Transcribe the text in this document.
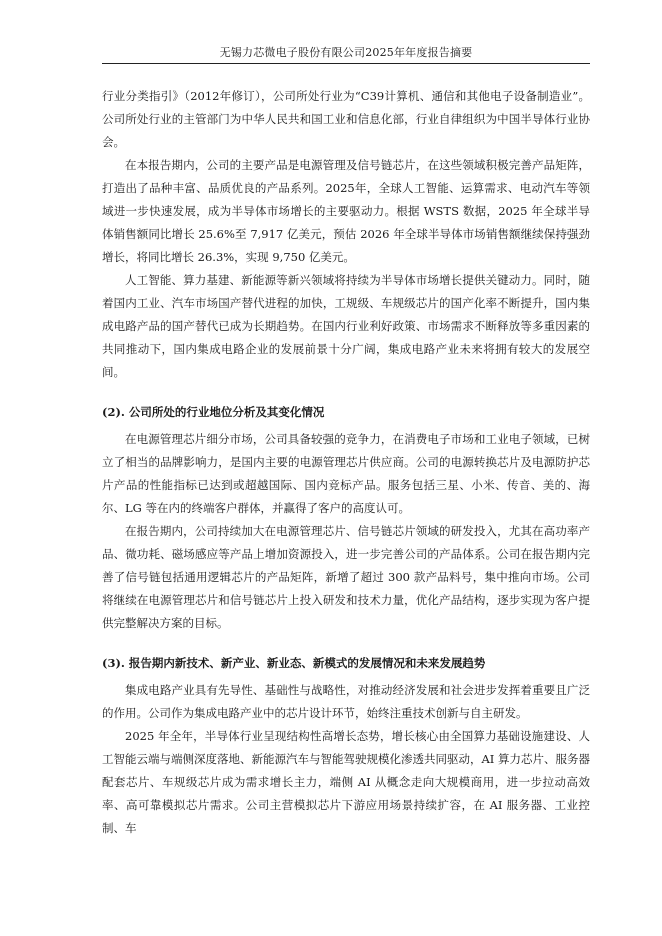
无锡力芯微电子股份有限公司2025年年度报告摘要

行业分类指引》（2012年修订），公司所处行业为“C39计算机、通信和其他电子设备制造业”。公司所处行业的主管部门为中华人民共和国工业和信息化部，行业自律组织为中国半导体行业协会。

在本报告期内，公司的主要产品是电源管理及信号链芯片，在这些领域积极完善产品矩阵，打造出了品种丰富、品质优良的产品系列。2025年，全球人工智能、运算需求、电动汽车等领域进一步快速发展，成为半导体市场增长的主要驱动力。根据 WSTS 数据，2025 年全球半导体销售额同比增长 25.6%至 7,917 亿美元，预估 2026 年全球半导体市场销售额继续保持强劲增长，将同比增长 26.3%，实现 9,750 亿美元。

人工智能、算力基建、新能源等新兴领域将持续为半导体市场增长提供关键动力。同时，随着国内工业、汽车市场国产替代进程的加快，工规级、车规级芯片的国产化率不断提升，国内集成电路产品的国产替代已成为长期趋势。在国内行业利好政策、市场需求不断释放等多重因素的共同推动下，国内集成电路企业的发展前景十分广阔，集成电路产业未来将拥有较大的发展空间。

(2). 公司所处的行业地位分析及其变化情况

在电源管理芯片细分市场，公司具备较强的竞争力，在消费电子市场和工业电子领域，已树立了相当的品牌影响力，是国内主要的电源管理芯片供应商。公司的电源转换芯片及电源防护芯片产品的性能指标已达到或超越国际、国内竞标产品。服务包括三星、小米、传音、美的、海尔、LG 等在内的终端客户群体，并赢得了客户的高度认可。

在报告期内，公司持续加大在电源管理芯片、信号链芯片领域的研发投入，尤其在高功率产品、微功耗、磁场感应等产品上增加资源投入，进一步完善公司的产品体系。公司在报告期内完善了信号链包括通用逻辑芯片的产品矩阵，新增了超过 300 款产品料号，集中推向市场。公司将继续在电源管理芯片和信号链芯片上投入研发和技术力量，优化产品结构，逐步实现为客户提供完整解决方案的目标。

(3). 报告期内新技术、新产业、新业态、新模式的发展情况和未来发展趋势

集成电路产业具有先导性、基础性与战略性，对推动经济发展和社会进步发挥着重要且广泛的作用。公司作为集成电路产业中的芯片设计环节，始终注重技术创新与自主研发。

2025 年全年，半导体行业呈现结构性高增长态势，增长核心由全国算力基础设施建设、人工智能云端与端侧深度落地、新能源汽车与智能驾驶规模化渗透共同驱动，AI 算力芯片、服务器配套芯片、车规级芯片成为需求增长主力，端侧 AI 从概念走向大规模商用，进一步拉动高效率、高可靠模拟芯片需求。公司主营模拟芯片下游应用场景持续扩容，在 AI 服务器、工业控制、车
